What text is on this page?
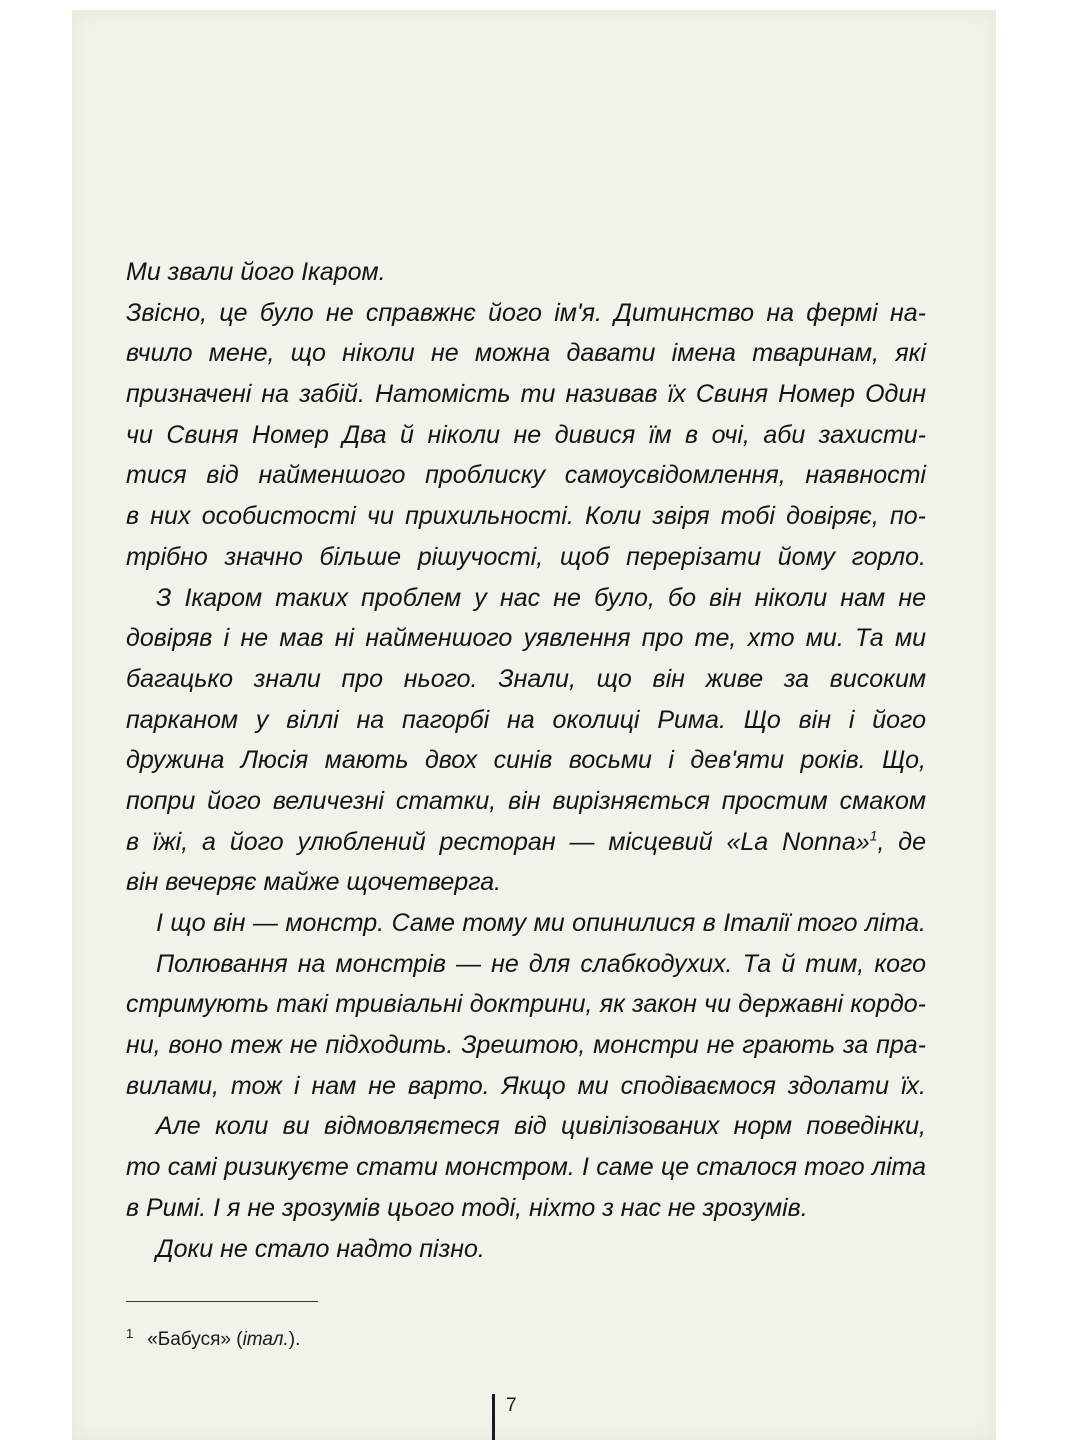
Ми звали його Ікаром.
Звісно, це було не справжнє його ім'я. Дитинство на фермі на-
вчило мене, що ніколи не можна давати імена тваринам, які
призначені на забій. Натомість ти називав їх Свиня Номер Один
чи Свиня Номер Два й ніколи не дивися їм в очі, аби захисти-
тися від найменшого проблиску самоусвідомлення, наявності
в них особистості чи прихильності. Коли звіря тобі довіряє, по-
трібно значно більше рішучості, щоб перерізати йому горло.
З Ікаром таких проблем у нас не було, бо він ніколи нам не
довіряв і не мав ні найменшого уявлення про те, хто ми. Та ми
багацько знали про нього. Знали, що він живе за високим
парканом у віллі на пагорбі на околиці Рима. Що він і його
дружина Люсія мають двох синів восьми і дев'яти років. Що,
попри його величезні статки, він вирізняється простим смаком
в їжі, а його улюблений ресторан — місцевий «La Nonna»$^1$, де
він вечеряє майже щочетверга.
І що він — монстр. Саме тому ми опинилися в Італії того літа.
Полювання на монстрів — не для слабкодухих. Та й тим, кого
стримують такі тривіальні доктрини, як закон чи державні кордо-
ни, воно теж не підходить. Зрештою, монстри не грають за пра-
вилами, тож і нам не варто. Якщо ми сподіваємося здолати їх.
Але коли ви відмовляєтеся від цивілізованих норм поведінки,
то самі ризикуєте стати монстром. І саме це сталося того літа
в Римі. І я не зрозумів цього тоді, ніхто з нас не зрозумів.
Доки не стало надто пізно.
$^1$ «Бабуся» (італ.).
7
